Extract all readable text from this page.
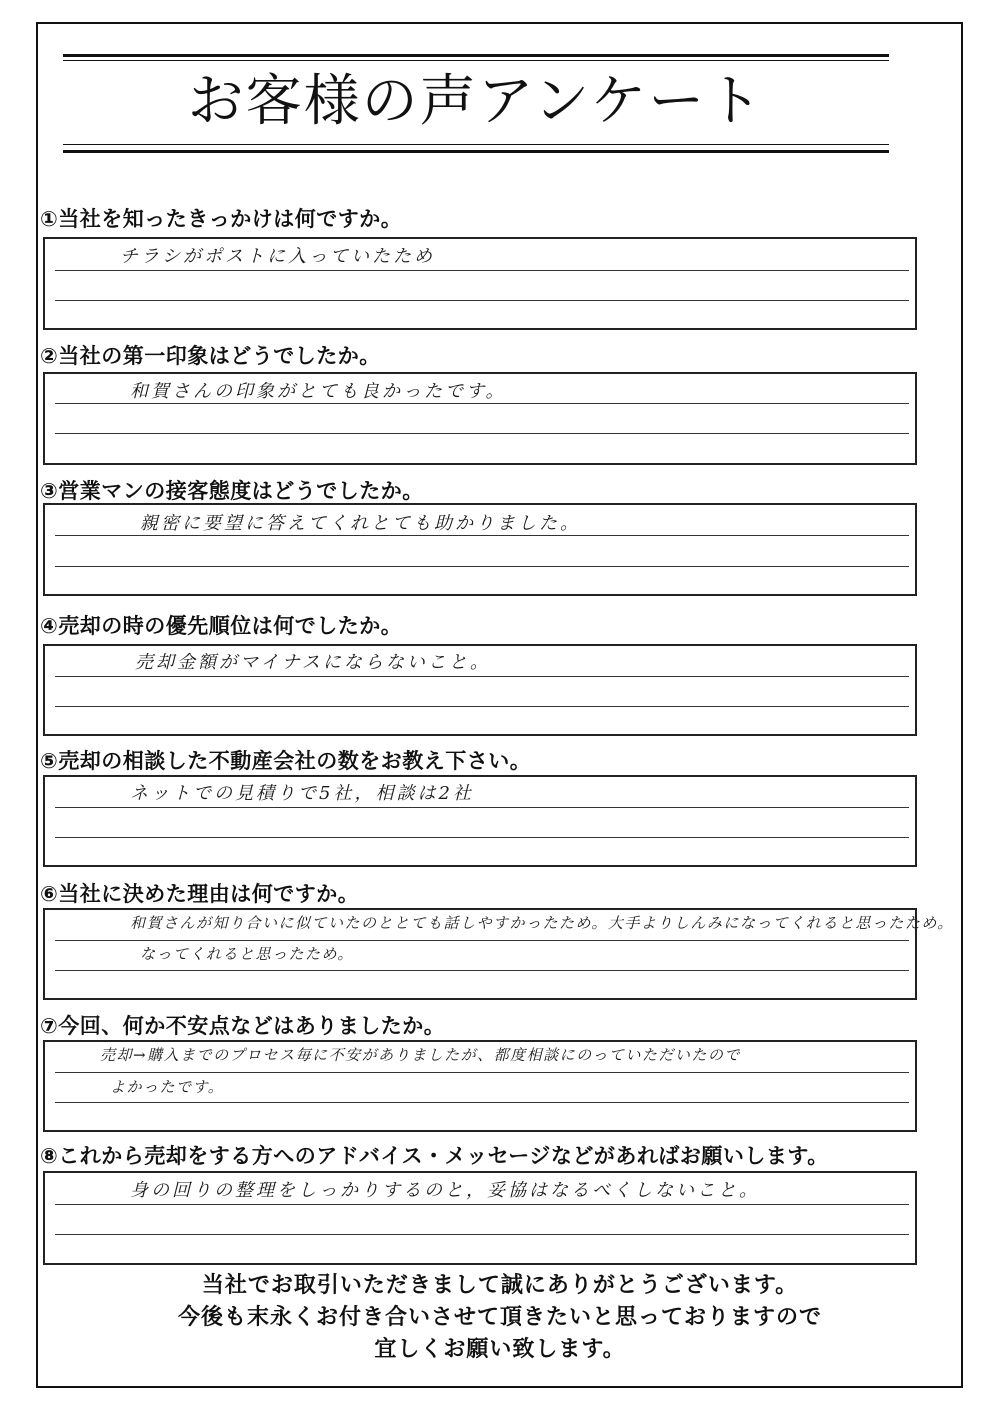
お客様の声アンケート
①当社を知ったきっかけは何ですか。
チラシがポストに入っていたため
②当社の第一印象はどうでしたか。
和賀さんの印象がとても良かったです。
③営業マンの接客態度はどうでしたか。
親密に要望に答えてくれとても助かりました。
④売却の時の優先順位は何でしたか。
売却金額がマイナスにならないこと。
⑤売却の相談した不動産会社の数をお教え下さい。
ネットでの見積りで5社，相談は2社
⑥当社に決めた理由は何ですか。
和賀さんが知り合いに似ていたのととても話しやすかったため。大手よりしんみになってくれると思ったため。
なってくれると思ったため。
⑦今回、何か不安点などはありましたか。
売却→購入までのプロセス毎に不安がありましたが、都度相談にのっていただいたので
よかったです。
⑧これから売却をする方へのアドバイス・メッセージなどがあればお願いします。
身の回りの整理をしっかりするのと，妥協はなるべくしないこと。
当社でお取引いただきまして誠にありがとうございます。
今後も末永くお付き合いさせて頂きたいと思っておりますので
宜しくお願い致します。
